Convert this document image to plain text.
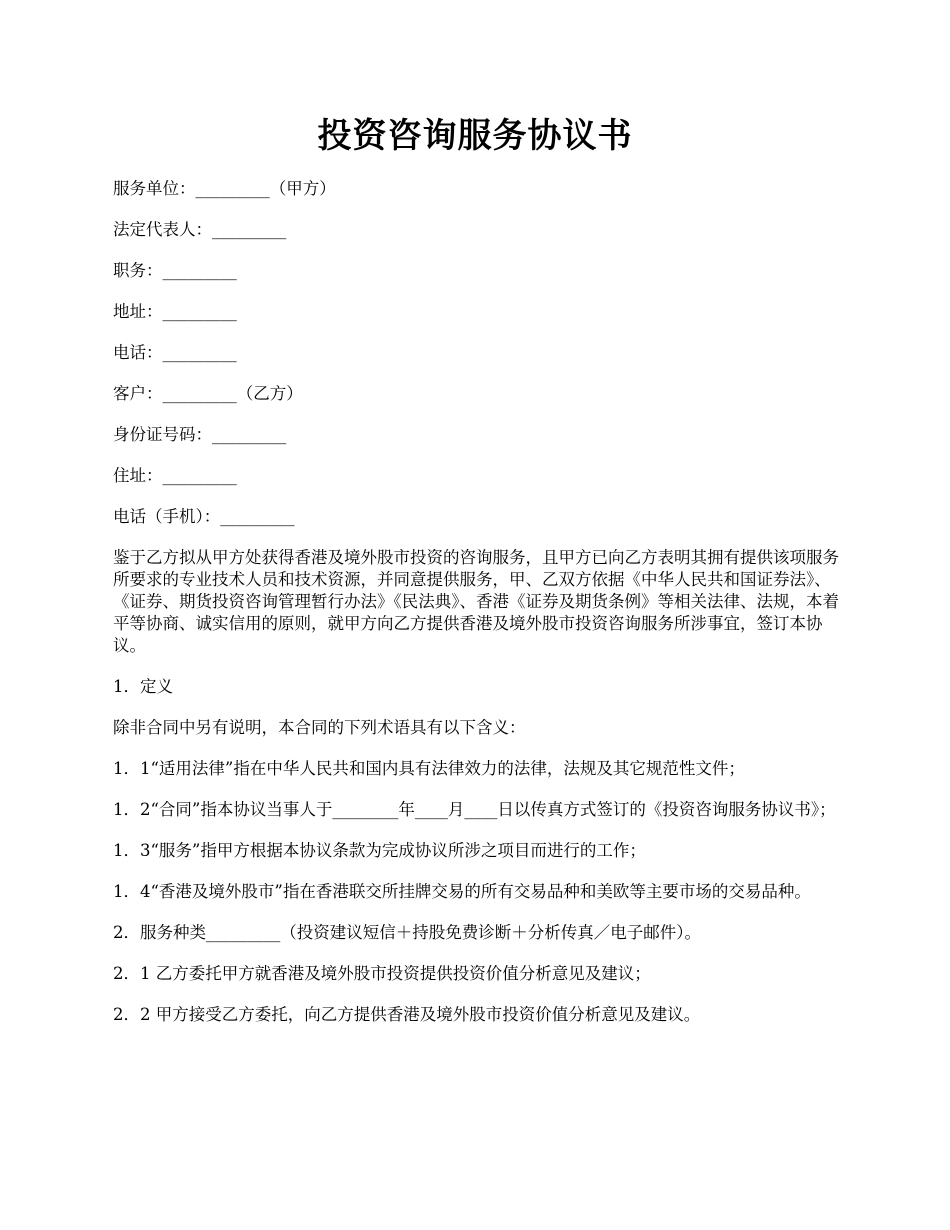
投资咨询服务协议书
服务单位：_________（甲方）
法定代表人：_________
职务：_________
地址：_________
电话：_________
客户：_________（乙方）
身份证号码：_________
住址：_________
电话（手机）：_________
鉴于乙方拟从甲方处获得香港及境外股市投资的咨询服务，且甲方已向乙方表明其拥有提供该项服务所要求的专业技术人员和技术资源，并同意提供服务，甲、乙双方依据《中华人民共和国证券法》、《证券、期货投资咨询管理暂行办法》《民法典》、香港《证券及期货条例》等相关法律、法规，本着平等协商、诚实信用的原则，就甲方向乙方提供香港及境外股市投资咨询服务所涉事宜，签订本协议。
1．定义
除非合同中另有说明，本合同的下列术语具有以下含义：
1．1“适用法律”指在中华人民共和国内具有法律效力的法律，法规及其它规范性文件；
1．2“合同”指本协议当事人于________年____月____日以传真方式签订的《投资咨询服务协议书》；
1．3“服务”指甲方根据本协议条款为完成协议所涉之项目而进行的工作；
1．4“香港及境外股市”指在香港联交所挂牌交易的所有交易品种和美欧等主要市场的交易品种。
2．服务种类_________（投资建议短信＋持股免费诊断＋分析传真／电子邮件）。
2．1 乙方委托甲方就香港及境外股市投资提供投资价值分析意见及建议；
2．2 甲方接受乙方委托，向乙方提供香港及境外股市投资价值分析意见及建议。
